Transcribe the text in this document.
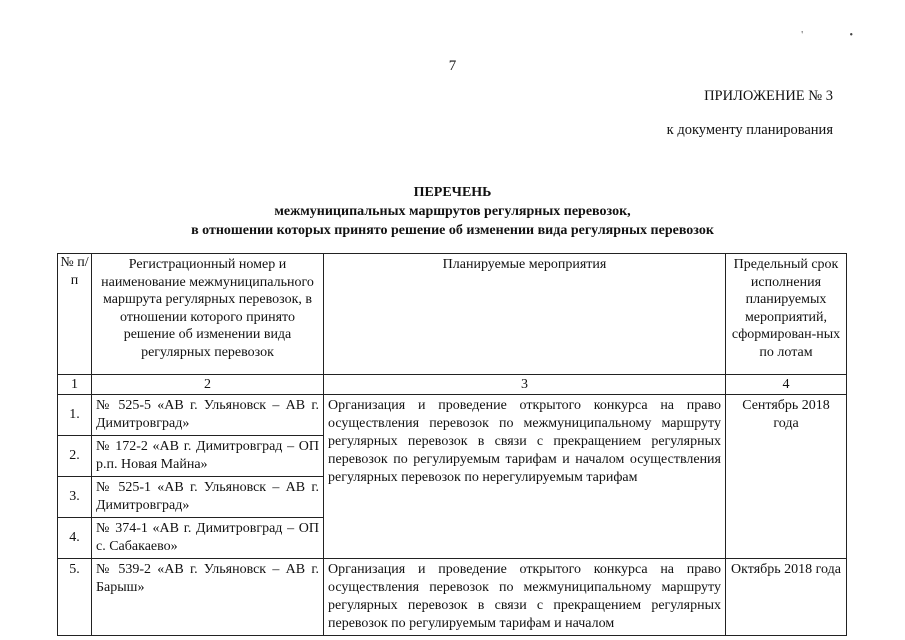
' •
7
ПРИЛОЖЕНИЕ № 3
к документу планирования
ПЕРЕЧЕНЬ
межмуниципальных маршрутов регулярных перевозок,
в отношении которых принято решение об изменении вида регулярных перевозок
№ п/п	Регистрационный номер и наименование межмуниципального маршрута регулярных перевозок, в отношении которого принято решение об изменении вида регулярных перевозок	Планируемые мероприятия	Предельный срок исполнения планируемых мероприятий, сформирован-ных по лотам
1	2	3	4
1.	№ 525-5 «АВ г. Ульяновск – АВ г. Димитровград»	Организация и проведение открытого конкурса на право осуществления перевозок по межмуниципальному маршруту регулярных перевозок в связи с прекращением регулярных перевозок по регулируемым тарифам и началом осуществления регулярных перевозок по нерегулируемым тарифам	Сентябрь 2018 года
2.	№ 172-2 «АВ г. Димитровград – ОП р.п. Новая Майна»		
3.	№ 525-1 «АВ г. Ульяновск – АВ г. Димитровград»		
4.	№ 374-1 «АВ г. Димитровград – ОП с. Сабакаево»		
5.	№ 539-2 «АВ г. Ульяновск – АВ г. Барыш»	Организация и проведение открытого конкурса на право осуществления перевозок по межмуниципальному маршруту регулярных перевозок в связи с прекращением регулярных перевозок по регулируемым тарифам и началом	Октябрь 2018 года
